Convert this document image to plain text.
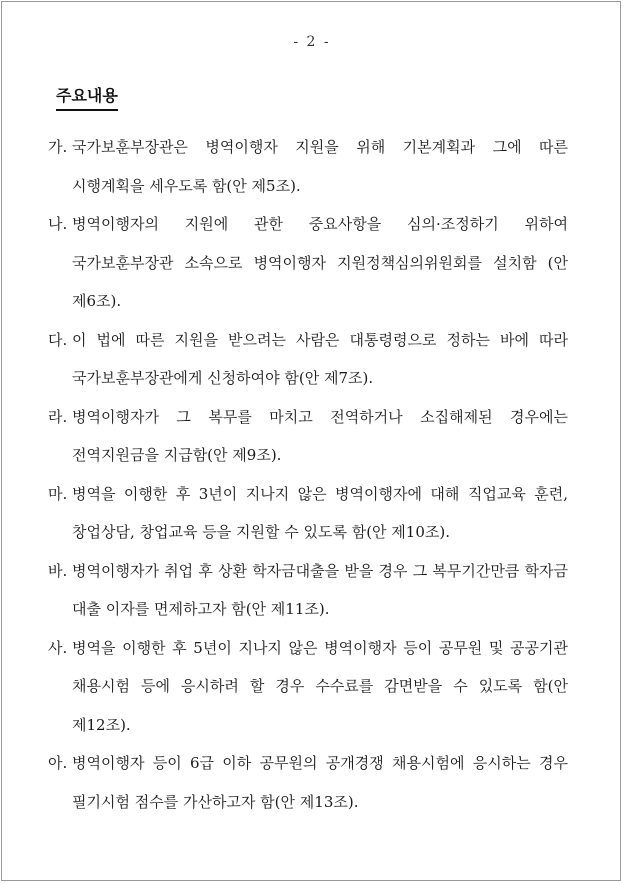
- 2 -
주요내용
가. 국가보훈부장관은 병역이행자 지원을 위해 기본계획과 그에 따른 시행계획을 세우도록 함(안 제5조).
나. 병역이행자의 지원에 관한 중요사항을 심의·조정하기 위하여 국가보훈부장관 소속으로 병역이행자 지원정책심의위원회를 설치함 (안 제6조).
다. 이 법에 따른 지원을 받으려는 사람은 대통령령으로 정하는 바에 따라 국가보훈부장관에게 신청하여야 함(안 제7조).
라. 병역이행자가 그 복무를 마치고 전역하거나 소집해제된 경우에는 전역지원금을 지급함(안 제9조).
마. 병역을 이행한 후 3년이 지나지 않은 병역이행자에 대해 직업교육 훈련, 창업상담, 창업교육 등을 지원할 수 있도록 함(안 제10조).
바. 병역이행자가 취업 후 상환 학자금대출을 받을 경우 그 복무기간만큼 학자금 대출 이자를 면제하고자 함(안 제11조).
사. 병역을 이행한 후 5년이 지나지 않은 병역이행자 등이 공무원 및 공공기관 채용시험 등에 응시하려 할 경우 수수료를 감면받을 수 있도록 함(안 제12조).
아. 병역이행자 등이 6급 이하 공무원의 공개경쟁 채용시험에 응시하는 경우 필기시험 점수를 가산하고자 함(안 제13조).
